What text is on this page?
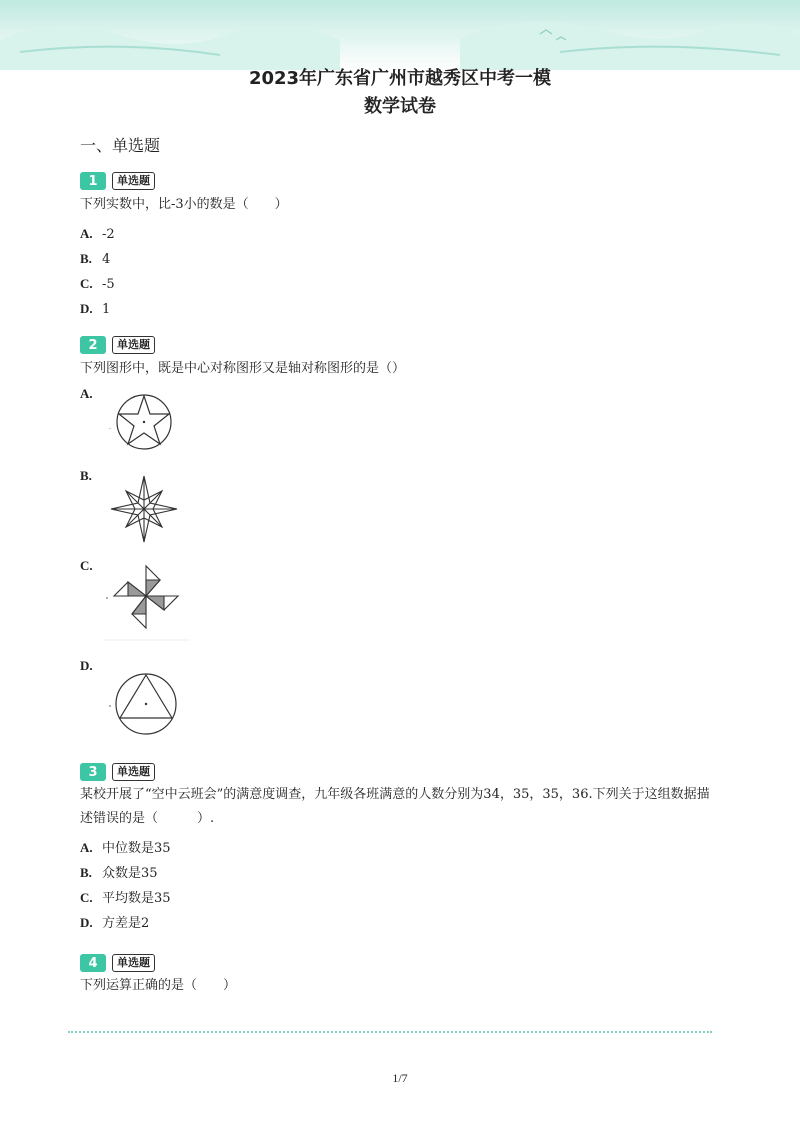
2023年广东省广州市越秀区中考一模
数学试卷
一、单选题
1	单选题
下列实数中，比-3小的数是（　　）
A. -2
B. 4
C. -5
D. 1
2	单选题
下列图形中，既是中心对称图形又是轴对称图形的是（）
A.
B.
C.
D.
3	单选题
某校开展了“空中云班会”的满意度调查，九年级各班满意的人数分别为34，35，35，36.下列关于这组数据描述错误的是（　　　）.
A. 中位数是35
B. 众数是35
C. 平均数是35
D. 方差是2
4	单选题
下列运算正确的是（　　）
1/7
